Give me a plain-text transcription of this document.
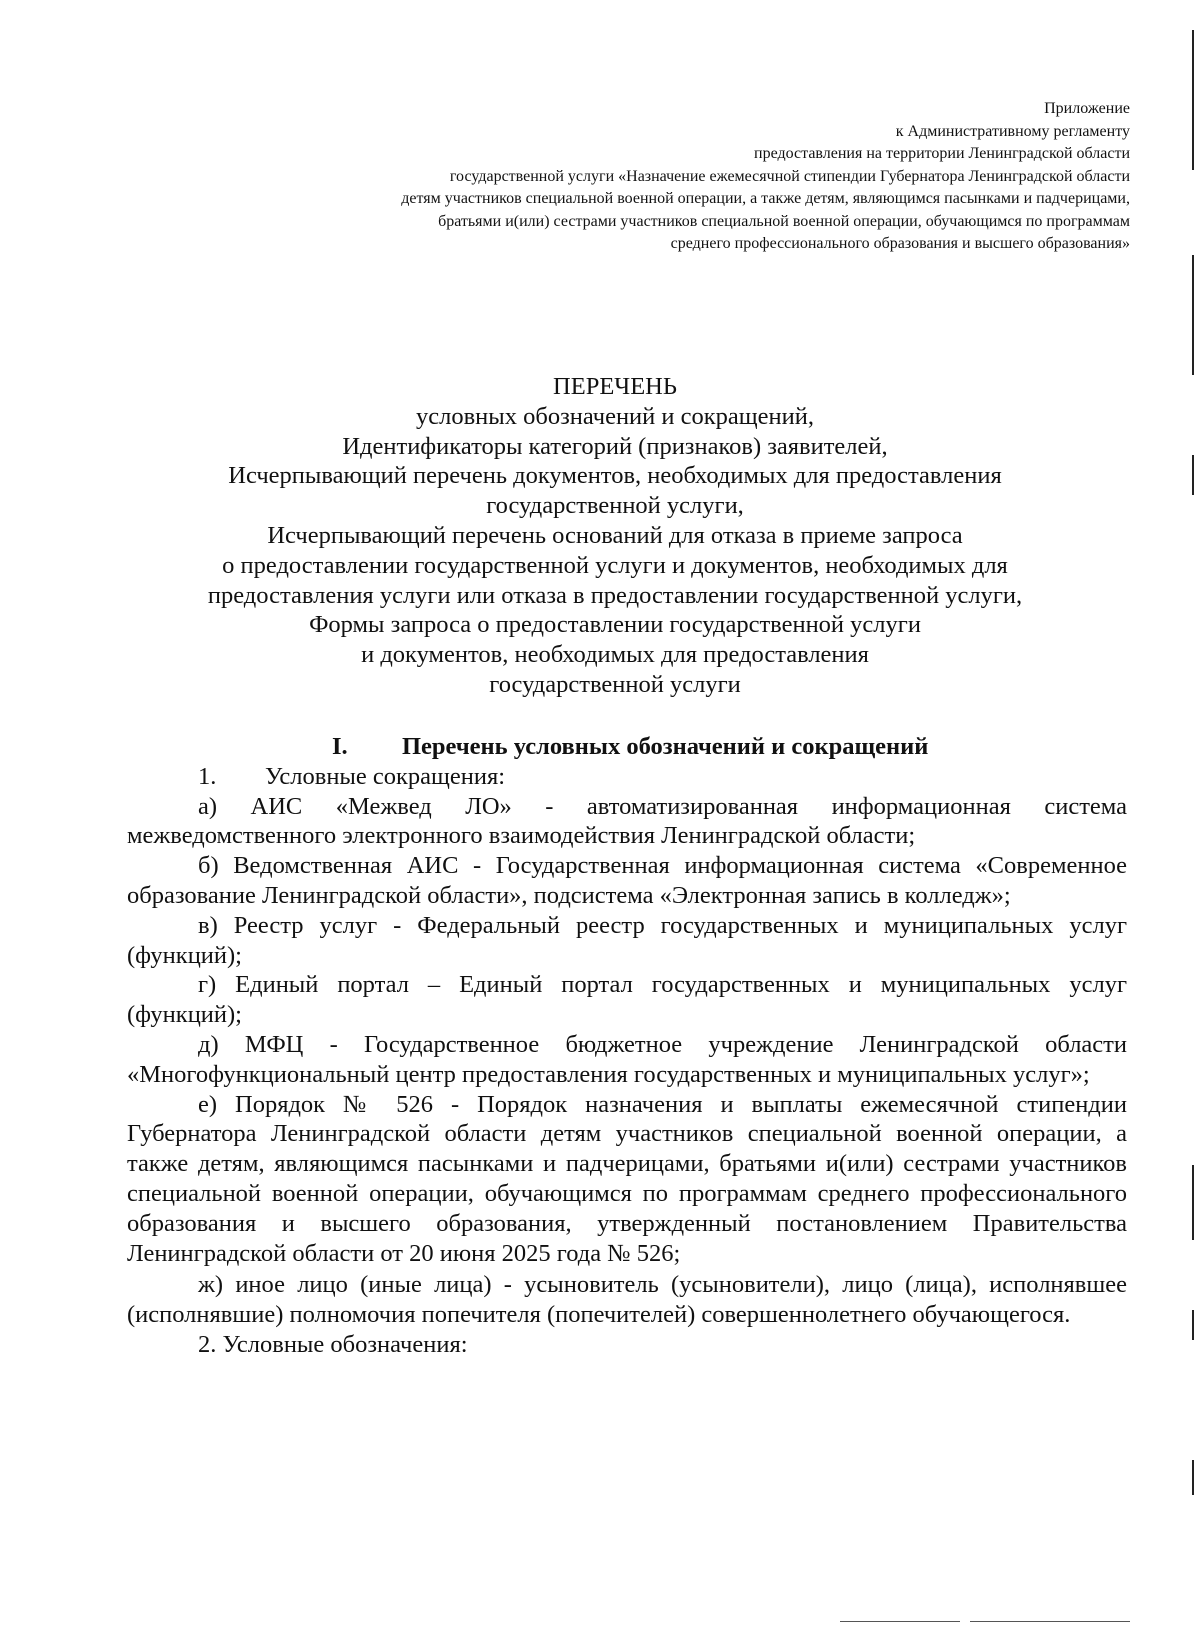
Приложение
к Административному регламенту
предоставления на территории Ленинградской области
государственной услуги «Назначение ежемесячной стипендии Губернатора Ленинградской области
детям участников специальной военной операции, а также детям, являющимся пасынками и падчерицами,
братьями и(или) сестрами участников специальной военной операции, обучающимся по программам
среднего профессионального образования и высшего образования»
ПЕРЕЧЕНЬ
условных обозначений и сокращений,
Идентификаторы категорий (признаков) заявителей,
Исчерпывающий перечень документов, необходимых для предоставления
государственной услуги,
Исчерпывающий перечень оснований для отказа в приеме запроса
о предоставлении государственной услуги и документов, необходимых для
предоставления услуги или отказа в предоставлении государственной услуги,
Формы запроса о предоставлении государственной услуги
и документов, необходимых для предоставления
государственной услуги
I. Перечень условных обозначений и сокращений
1. Условные сокращения:

а) АИС «Межвед ЛО» - автоматизированная информационная система межведомственного электронного взаимодействия Ленинградской области;

б) Ведомственная АИС - Государственная информационная система «Современное образование Ленинградской области», подсистема «Электронная запись в колледж»;

в) Реестр услуг - Федеральный реестр государственных и муниципальных услуг (функций);

г) Единый портал – Единый портал государственных и муниципальных услуг (функций);

д) МФЦ - Государственное бюджетное учреждение Ленинградской области «Многофункциональный центр предоставления государственных и муниципальных услуг»;

е) Порядок № 526 - Порядок назначения и выплаты ежемесячной стипендии Губернатора Ленинградской области детям участников специальной военной операции, а также детям, являющимся пасынками и падчерицами, братьями и(или) сестрами участников специальной военной операции, обучающимся по программам среднего профессионального образования и высшего образования, утвержденный постановлением Правительства Ленинградской области от 20 июня 2025 года № 526;

ж) иное лицо (иные лица) - усыновитель (усыновители), лицо (лица), исполнявшее (исполнявшие) полномочия попечителя (попечителей) совершеннолетнего обучающегося.

2. Условные обозначения:
